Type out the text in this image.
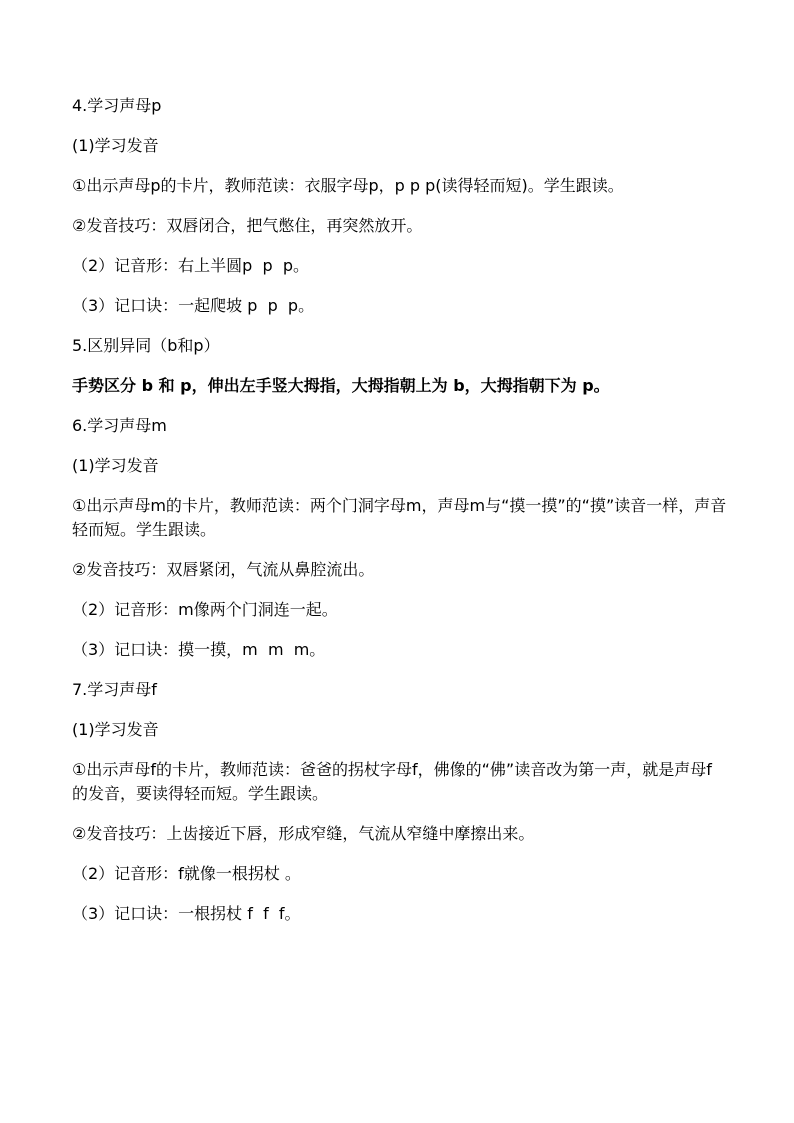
4.学习声母p

(1)学习发音

①出示声母p的卡片，教师范读：衣服字母p，p p p(读得轻而短)。学生跟读。

②发音技巧：双唇闭合，把气憋住，再突然放开。

（2）记音形：右上半圆p  p  p。

（3）记口诀：一起爬坡 p  p  p。

5.区别异同（b和p）

手势区分 b 和 p，伸出左手竖大拇指，大拇指朝上为 b，大拇指朝下为 p。

6.学习声母m

(1)学习发音

①出示声母m的卡片，教师范读：两个门洞字母m，声母m与“摸一摸”的“摸”读音一样，声音轻而短。学生跟读。

②发音技巧：双唇紧闭，气流从鼻腔流出。

（2）记音形：m像两个门洞连一起。

（3）记口诀：摸一摸，m  m  m。

7.学习声母f

(1)学习发音

①出示声母f的卡片，教师范读：爸爸的拐杖字母f，佛像的“佛”读音改为第一声，就是声母f的发音，要读得轻而短。学生跟读。

②发音技巧：上齿接近下唇，形成窄缝，气流从窄缝中摩擦出来。

（2）记音形：f就像一根拐杖 。

（3）记口诀：一根拐杖 f  f  f。
